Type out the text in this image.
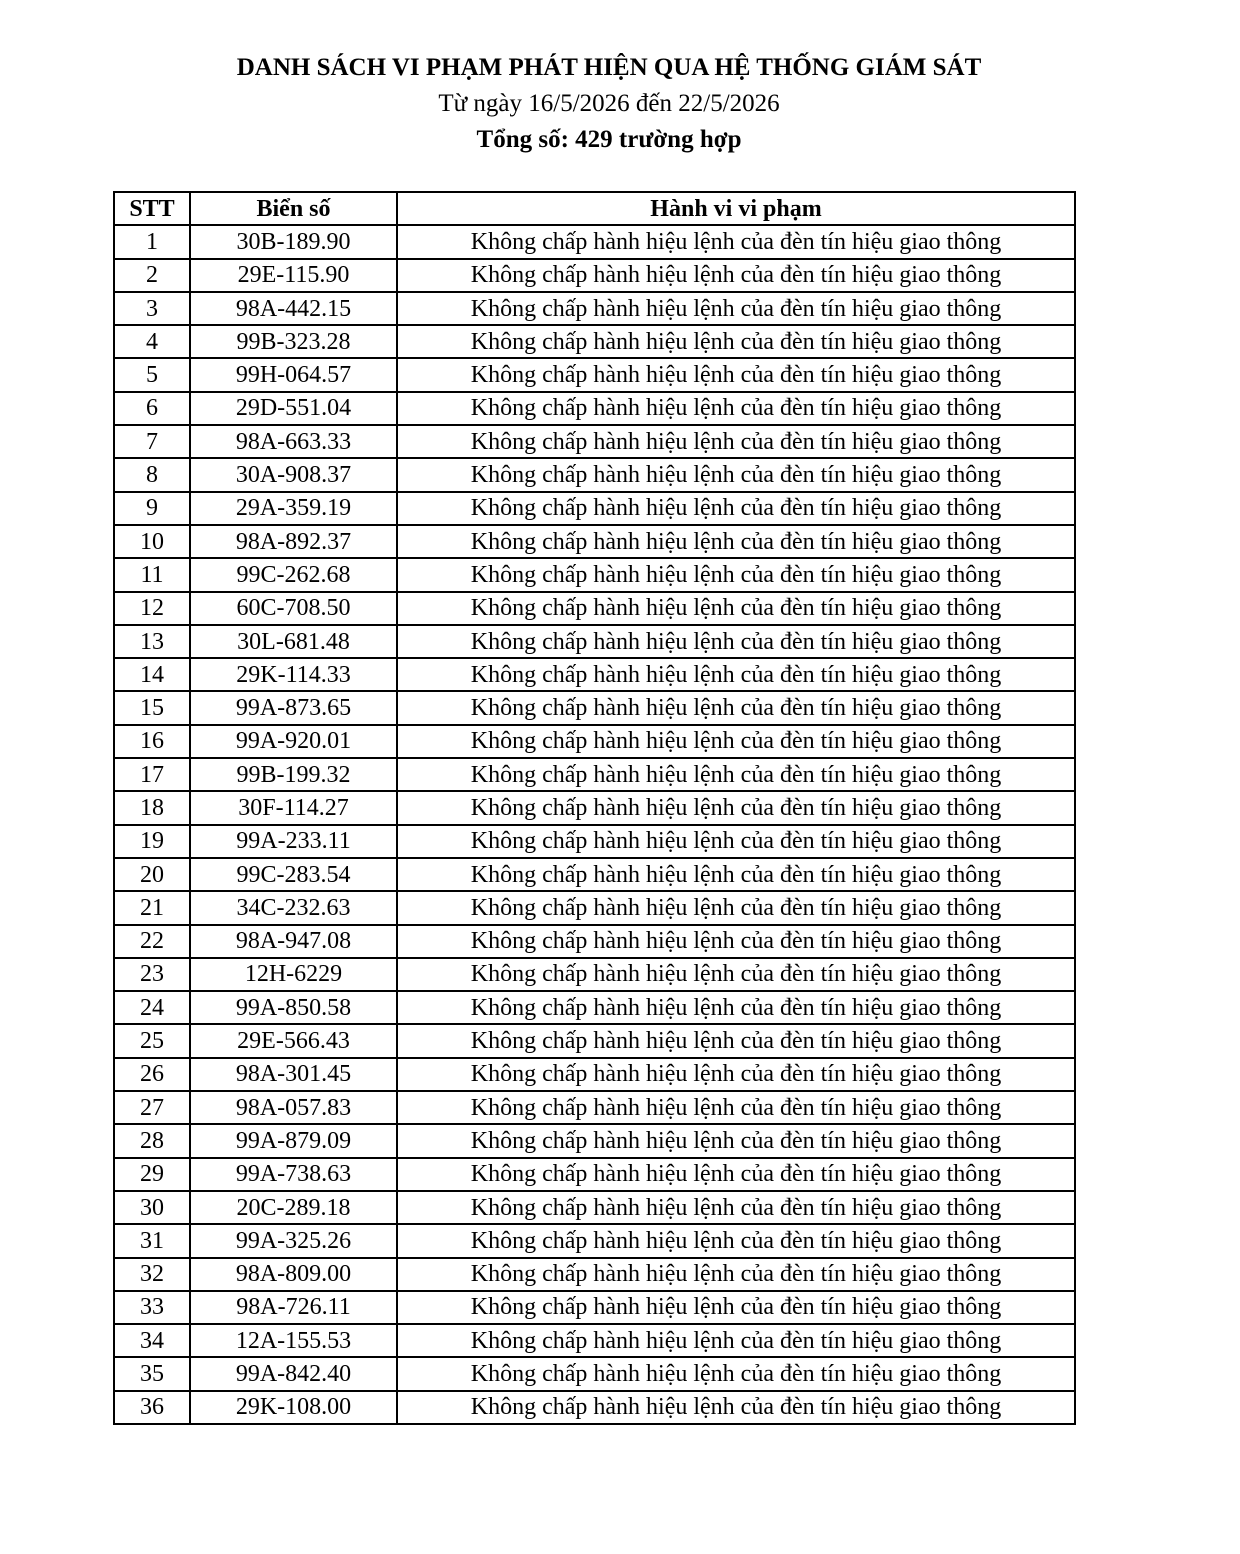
DANH SÁCH VI PHẠM PHÁT HIỆN QUA HỆ THỐNG GIÁM SÁT
Từ ngày 16/5/2026 đến 22/5/2026
Tổng số: 429 trường hợp
STT	Biển số	Hành vi vi phạm
1	30B-189.90	Không chấp hành hiệu lệnh của đèn tín hiệu giao thông
2	29E-115.90	Không chấp hành hiệu lệnh của đèn tín hiệu giao thông
3	98A-442.15	Không chấp hành hiệu lệnh của đèn tín hiệu giao thông
4	99B-323.28	Không chấp hành hiệu lệnh của đèn tín hiệu giao thông
5	99H-064.57	Không chấp hành hiệu lệnh của đèn tín hiệu giao thông
6	29D-551.04	Không chấp hành hiệu lệnh của đèn tín hiệu giao thông
7	98A-663.33	Không chấp hành hiệu lệnh của đèn tín hiệu giao thông
8	30A-908.37	Không chấp hành hiệu lệnh của đèn tín hiệu giao thông
9	29A-359.19	Không chấp hành hiệu lệnh của đèn tín hiệu giao thông
10	98A-892.37	Không chấp hành hiệu lệnh của đèn tín hiệu giao thông
11	99C-262.68	Không chấp hành hiệu lệnh của đèn tín hiệu giao thông
12	60C-708.50	Không chấp hành hiệu lệnh của đèn tín hiệu giao thông
13	30L-681.48	Không chấp hành hiệu lệnh của đèn tín hiệu giao thông
14	29K-114.33	Không chấp hành hiệu lệnh của đèn tín hiệu giao thông
15	99A-873.65	Không chấp hành hiệu lệnh của đèn tín hiệu giao thông
16	99A-920.01	Không chấp hành hiệu lệnh của đèn tín hiệu giao thông
17	99B-199.32	Không chấp hành hiệu lệnh của đèn tín hiệu giao thông
18	30F-114.27	Không chấp hành hiệu lệnh của đèn tín hiệu giao thông
19	99A-233.11	Không chấp hành hiệu lệnh của đèn tín hiệu giao thông
20	99C-283.54	Không chấp hành hiệu lệnh của đèn tín hiệu giao thông
21	34C-232.63	Không chấp hành hiệu lệnh của đèn tín hiệu giao thông
22	98A-947.08	Không chấp hành hiệu lệnh của đèn tín hiệu giao thông
23	12H-6229	Không chấp hành hiệu lệnh của đèn tín hiệu giao thông
24	99A-850.58	Không chấp hành hiệu lệnh của đèn tín hiệu giao thông
25	29E-566.43	Không chấp hành hiệu lệnh của đèn tín hiệu giao thông
26	98A-301.45	Không chấp hành hiệu lệnh của đèn tín hiệu giao thông
27	98A-057.83	Không chấp hành hiệu lệnh của đèn tín hiệu giao thông
28	99A-879.09	Không chấp hành hiệu lệnh của đèn tín hiệu giao thông
29	99A-738.63	Không chấp hành hiệu lệnh của đèn tín hiệu giao thông
30	20C-289.18	Không chấp hành hiệu lệnh của đèn tín hiệu giao thông
31	99A-325.26	Không chấp hành hiệu lệnh của đèn tín hiệu giao thông
32	98A-809.00	Không chấp hành hiệu lệnh của đèn tín hiệu giao thông
33	98A-726.11	Không chấp hành hiệu lệnh của đèn tín hiệu giao thông
34	12A-155.53	Không chấp hành hiệu lệnh của đèn tín hiệu giao thông
35	99A-842.40	Không chấp hành hiệu lệnh của đèn tín hiệu giao thông
36	29K-108.00	Không chấp hành hiệu lệnh của đèn tín hiệu giao thông
